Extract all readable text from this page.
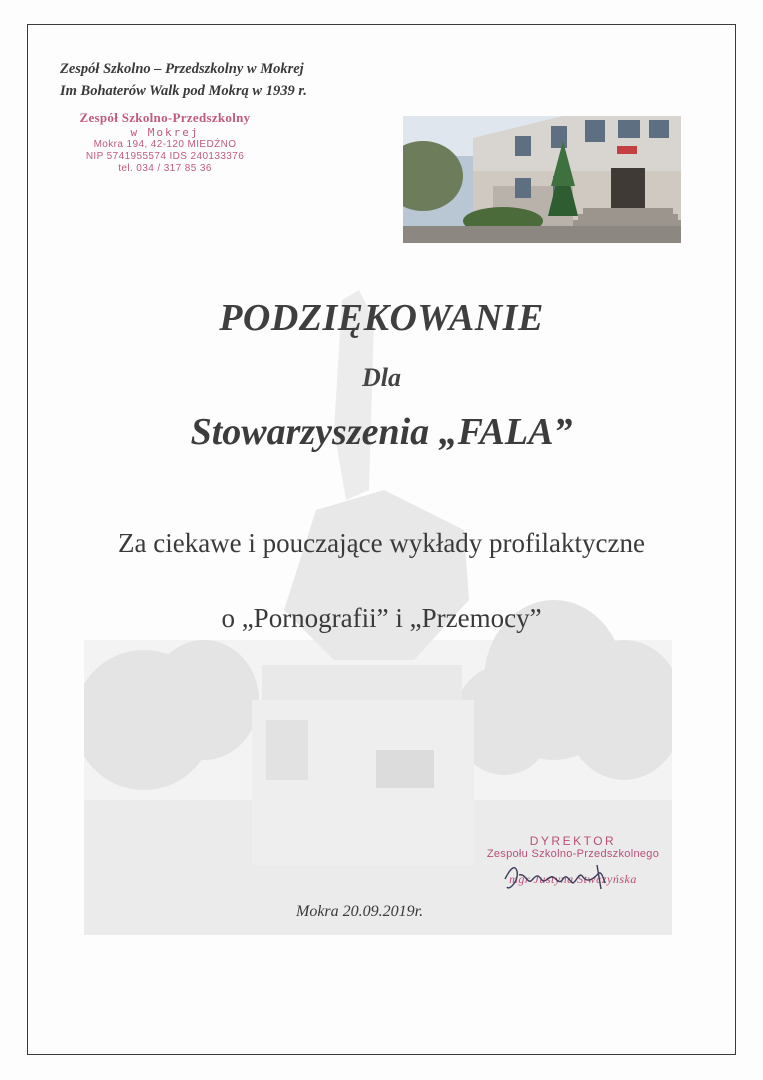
Zespół Szkolno – Przedszkolny w Mokrej
Im Bohaterów Walk pod Mokrą w 1939 r.
Zespół Szkolno-Przedszkolny
w Mokrej
Mokra 194, 42-120 MIEDŹNO
NIP 5741955574 IDS 240133376
tel. 034 / 317 85 36
PODZIĘKOWANIE
Dla
Stowarzyszenia „FALA”
Za ciekawe i pouczające wykłady profilaktyczne
o „Pornografii” i „Przemocy”
DYREKTOR
Zespołu Szkolno-Przedszkolnego
mgr Justyna Stwczyńska
Mokra 20.09.2019r.
